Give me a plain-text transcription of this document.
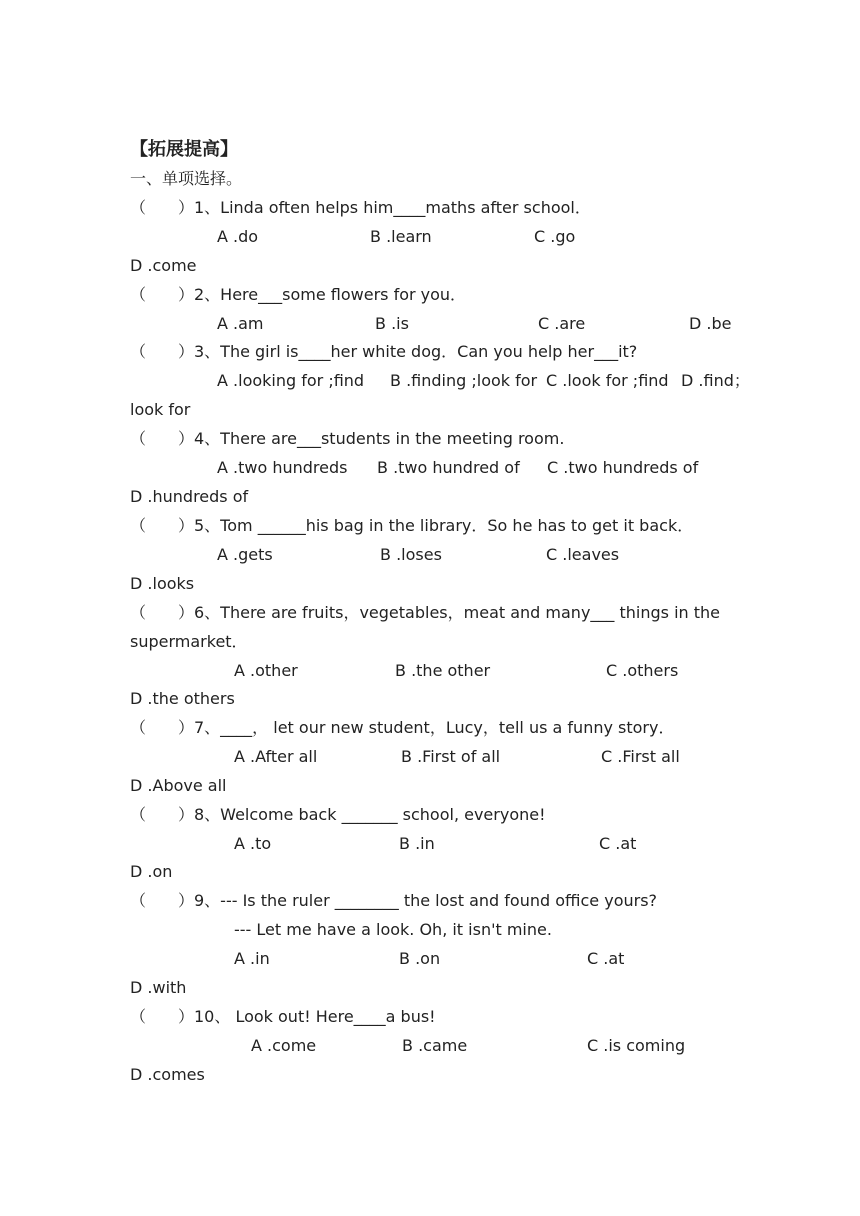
【拓展提高】
一、单项选择。
（　　）1、Linda often helps him____maths after school．
A .do	B .learn	C .go
D .come
（　　）2、Here___some flowers for you．
A .am	B .is	C .are	D .be
（　　）3、The girl is____her white dog．Can you help her___it?
A .looking for ;find B .finding ;look for C .look for ;find D .find；
look for
（　　）4、There are___students in the meeting room.
A .two hundreds B .two hundred of C .two hundreds of
D .hundreds of
（　　）5、Tom ______his bag in the library．So he has to get it back．
A .gets	B .loses	C .leaves
D .looks
（　　）6、There are fruits，vegetables，meat and many___ things in the
supermarket．
A .other	B .the other	C .others
D .the others
（　　）7、____， let our new student，Lucy，tell us a funny story．
A .After all	B .First of all	C .First all
D .Above all
（　　）8、Welcome back _______ school, everyone!
A .to	B .in	C .at
D .on
（　　）9、--- Is the ruler ________ the lost and found office yours?
--- Let me have a look. Oh, it isn't mine.
A .in	B .on	C .at
D .with
（　　）10、 Look out! Here____a bus!
A .come	B .came	C .is coming
D .comes
